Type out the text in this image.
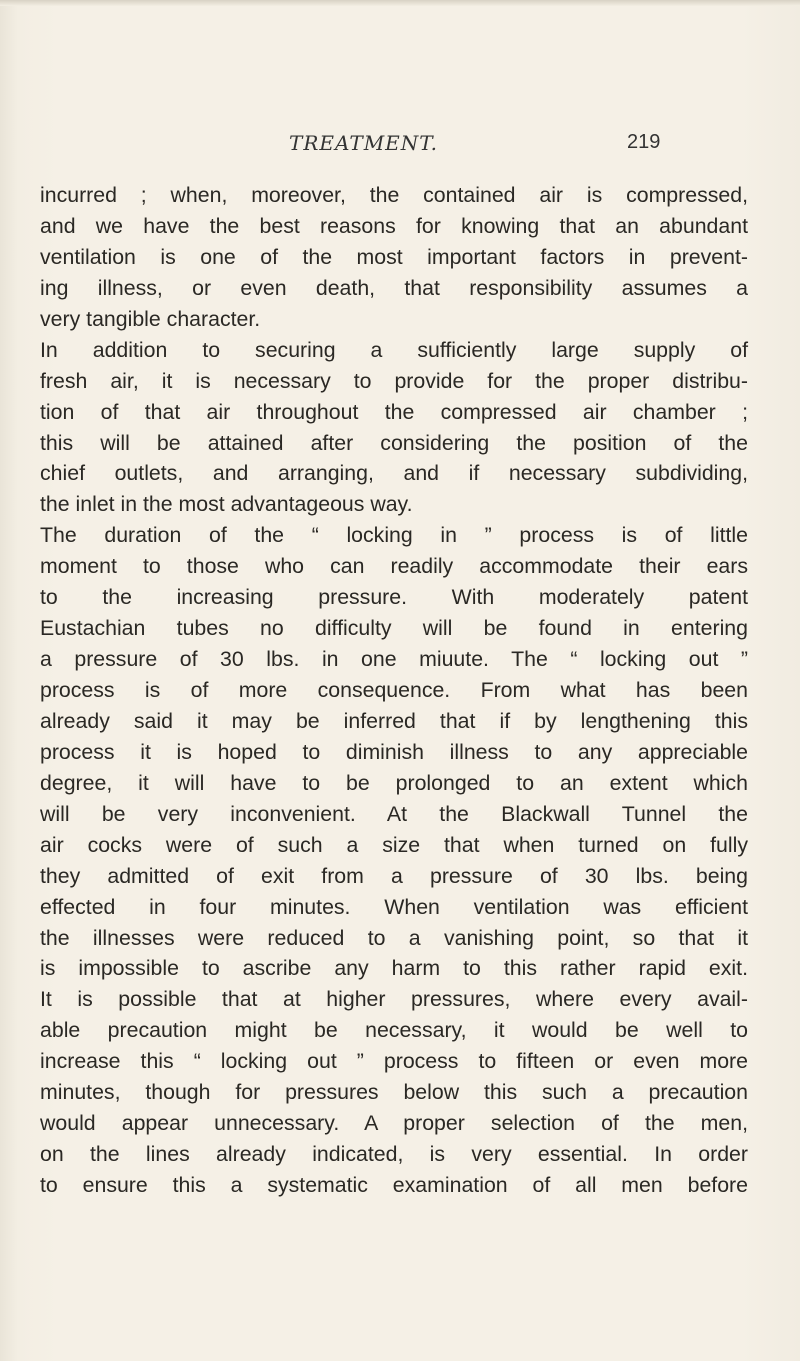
TREATMENT.	219
incurred ; when, moreover, the contained air is compressed,
and we have the best reasons for knowing that an abundant
ventilation is one of the most important factors in prevent-
ing illness, or even death, that responsibility assumes a
very tangible character.
In addition to securing a sufficiently large supply of
fresh air, it is necessary to provide for the proper distribu-
tion of that air throughout the compressed air chamber ;
this will be attained after considering the position of the
chief outlets, and arranging, and if necessary subdividing,
the inlet in the most advantageous way.
The duration of the “ locking in ” process is of little
moment to those who can readily accommodate their ears
to the increasing pressure. With moderately patent
Eustachian tubes no difficulty will be found in entering
a pressure of 30 lbs. in one miuute. The “ locking out ”
process is of more consequence. From what has been
already said it may be inferred that if by lengthening this
process it is hoped to diminish illness to any appreciable
degree, it will have to be prolonged to an extent which
will be very inconvenient. At the Blackwall Tunnel the
air cocks were of such a size that when turned on fully
they admitted of exit from a pressure of 30 lbs. being
effected in four minutes. When ventilation was efficient
the illnesses were reduced to a vanishing point, so that it
is impossible to ascribe any harm to this rather rapid exit.
It is possible that at higher pressures, where every avail-
able precaution might be necessary, it would be well to
increase this “ locking out ” process to fifteen or even more
minutes, though for pressures below this such a precaution
would appear unnecessary. A proper selection of the men,
on the lines already indicated, is very essential. In order
to ensure this a systematic examination of all men before
